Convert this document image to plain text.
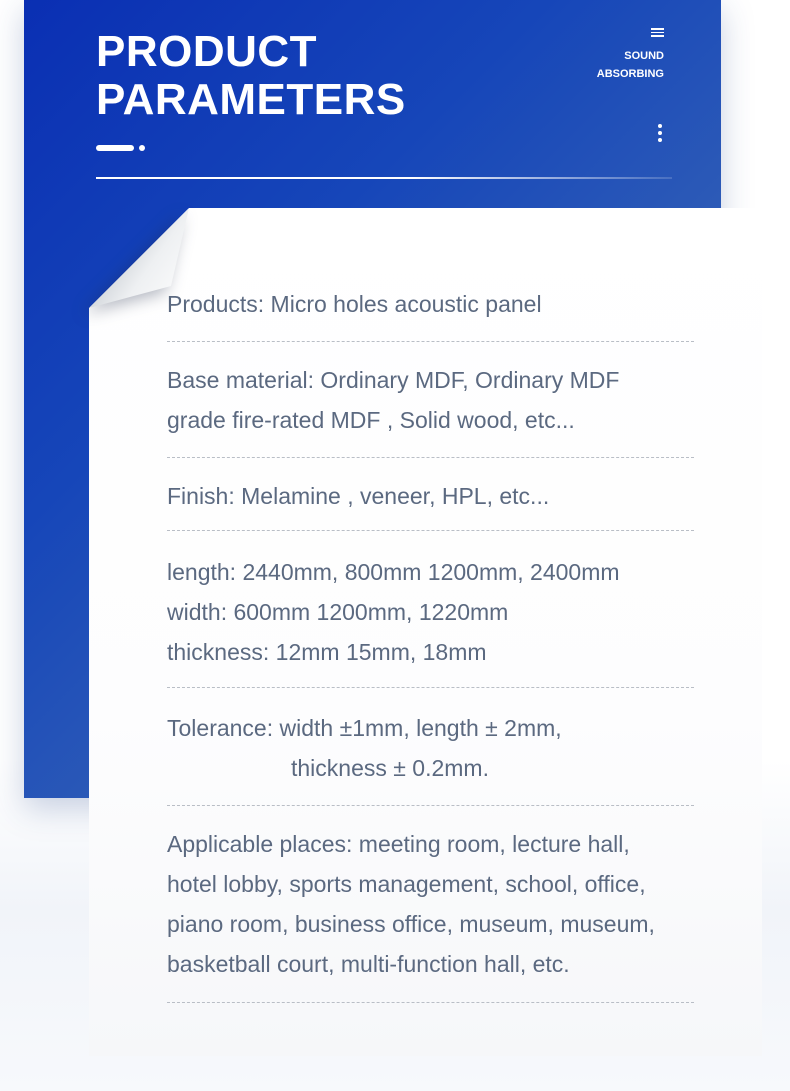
PRODUCT
PARAMETERS
SOUND
ABSORBING

Products: Micro holes acoustic panel

Base material: Ordinary MDF, Ordinary MDF

grade fire-rated MDF , Solid wood, etc...

Finish: Melamine , veneer, HPL, etc...

length: 2440mm, 800mm 1200mm, 2400mm

width: 600mm 1200mm, 1220mm

thickness: 12mm 15mm, 18mm

Tolerance: width ±1mm, length ± 2mm,

thickness ± 0.2mm.

Applicable places: meeting room, lecture hall,

hotel lobby, sports management, school, office,

piano room, business office, museum, museum,

basketball court, multi-function hall, etc.
